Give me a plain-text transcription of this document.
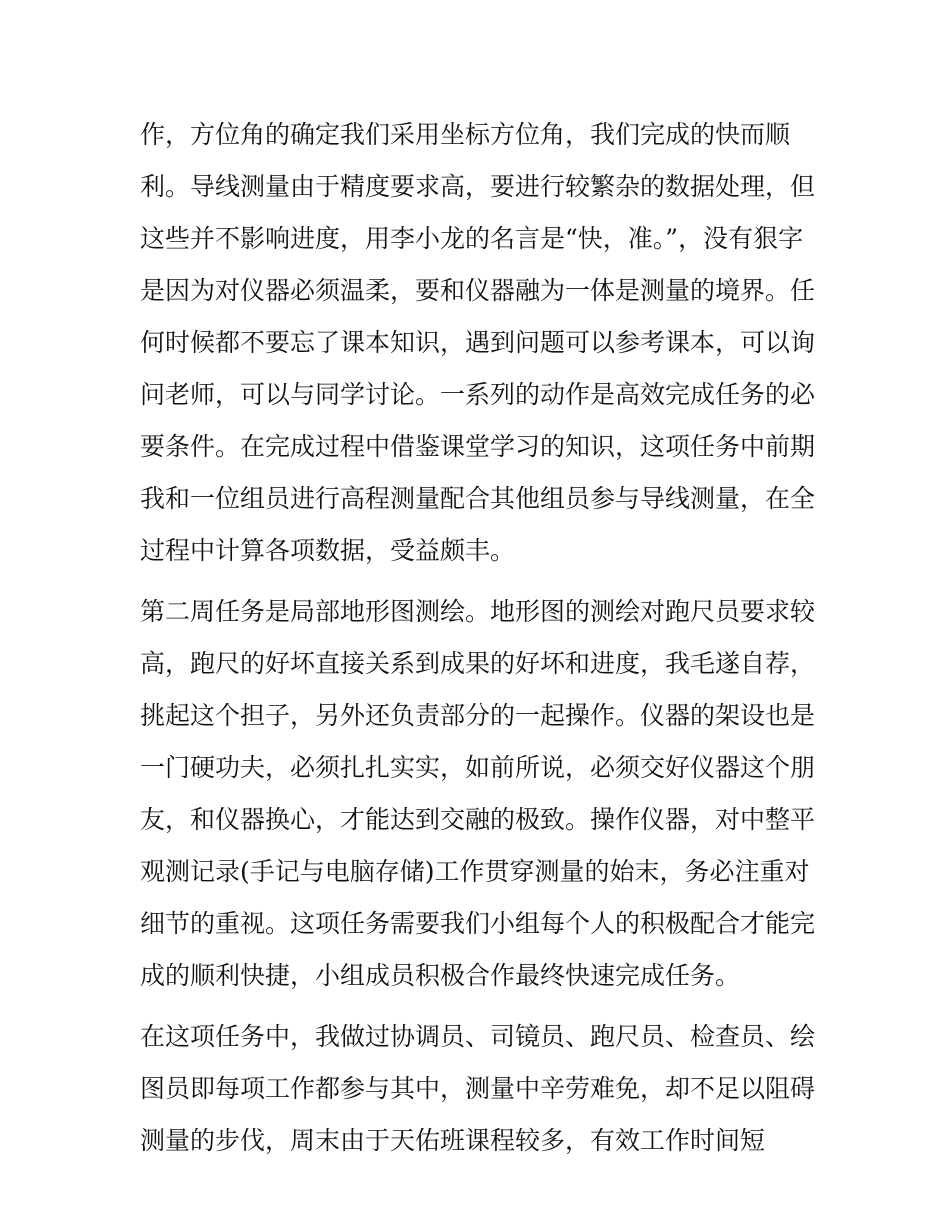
作，方位角的确定我们采用坐标方位角，我们完成的快而顺
利。导线测量由于精度要求高，要进行较繁杂的数据处理，但
这些并不影响进度，用李小龙的名言是“快，准。”，没有狠字
是因为对仪器必须温柔，要和仪器融为一体是测量的境界。任
何时候都不要忘了课本知识，遇到问题可以参考课本，可以询
问老师，可以与同学讨论。一系列的动作是高效完成任务的必
要条件。在完成过程中借鉴课堂学习的知识，这项任务中前期
我和一位组员进行高程测量配合其他组员参与导线测量，在全
过程中计算各项数据，受益颇丰。
第二周任务是局部地形图测绘。地形图的测绘对跑尺员要求较
高，跑尺的好坏直接关系到成果的好坏和进度，我毛遂自荐，
挑起这个担子，另外还负责部分的一起操作。仪器的架设也是
一门硬功夫，必须扎扎实实，如前所说，必须交好仪器这个朋
友，和仪器换心，才能达到交融的极致。操作仪器，对中整平
观测记录(手记与电脑存储)工作贯穿测量的始末，务必注重对
细节的重视。这项任务需要我们小组每个人的积极配合才能完
成的顺利快捷，小组成员积极合作最终快速完成任务。
在这项任务中，我做过协调员、司镜员、跑尺员、检查员、绘
图员即每项工作都参与其中，测量中辛劳难免，却不足以阻碍
测量的步伐，周末由于天佑班课程较多，有效工作时间短
